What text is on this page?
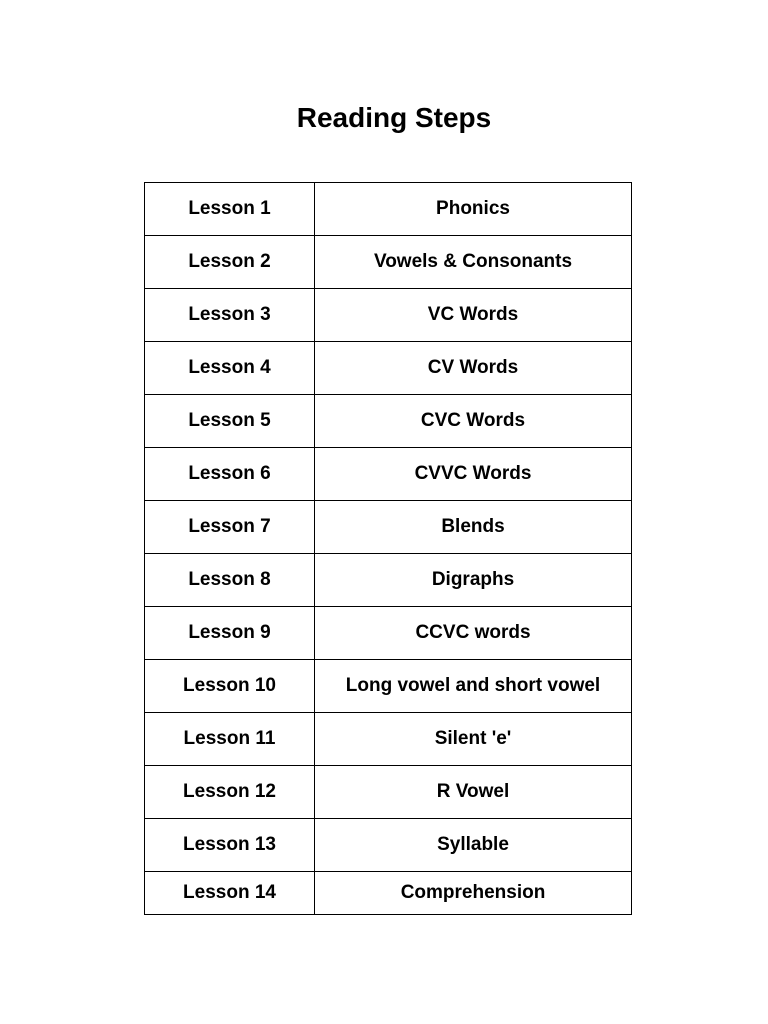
Reading Steps
Lesson 1	Phonics
Lesson 2	Vowels & Consonants
Lesson 3	VC Words
Lesson 4	CV Words
Lesson 5	CVC Words
Lesson 6	CVVC Words
Lesson 7	Blends
Lesson 8	Digraphs
Lesson 9	CCVC words
Lesson 10	Long vowel and short vowel
Lesson 11	Silent 'e'
Lesson 12	R Vowel
Lesson 13	Syllable
Lesson 14	Comprehension
